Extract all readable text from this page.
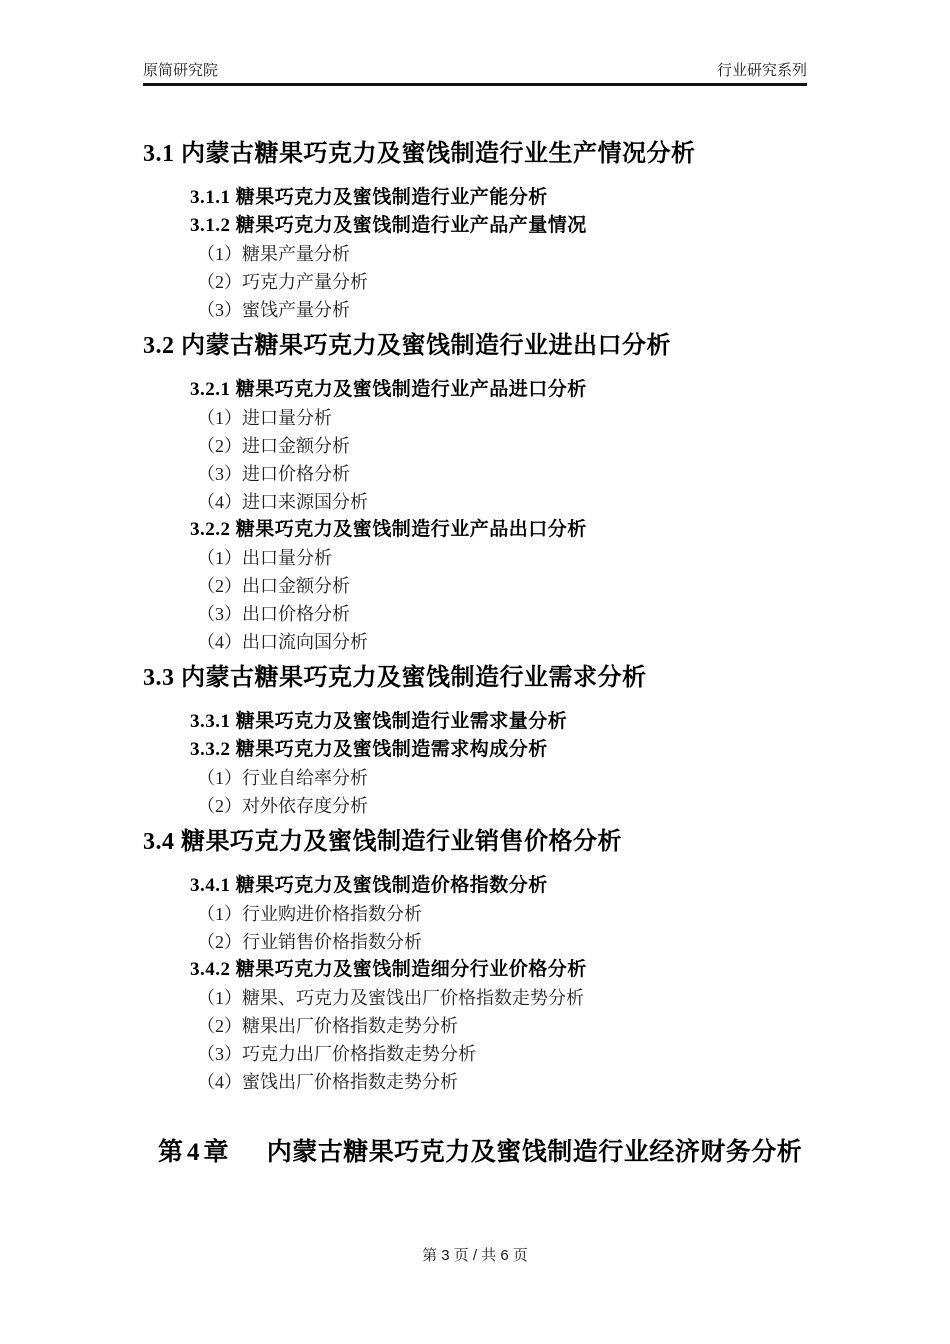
原简研究院	行业研究系列
3.1 内蒙古糖果巧克力及蜜饯制造行业生产情况分析
3.1.1 糖果巧克力及蜜饯制造行业产能分析
3.1.2 糖果巧克力及蜜饯制造行业产品产量情况
（1）糖果产量分析
（2）巧克力产量分析
（3）蜜饯产量分析
3.2 内蒙古糖果巧克力及蜜饯制造行业进出口分析
3.2.1 糖果巧克力及蜜饯制造行业产品进口分析
（1）进口量分析
（2）进口金额分析
（3）进口价格分析
（4）进口来源国分析
3.2.2 糖果巧克力及蜜饯制造行业产品出口分析
（1）出口量分析
（2）出口金额分析
（3）出口价格分析
（4）出口流向国分析
3.3 内蒙古糖果巧克力及蜜饯制造行业需求分析
3.3.1 糖果巧克力及蜜饯制造行业需求量分析
3.3.2 糖果巧克力及蜜饯制造需求构成分析
（1）行业自给率分析
（2）对外依存度分析
3.4 糖果巧克力及蜜饯制造行业销售价格分析
3.4.1 糖果巧克力及蜜饯制造价格指数分析
（1）行业购进价格指数分析
（2）行业销售价格指数分析
3.4.2 糖果巧克力及蜜饯制造细分行业价格分析
（1）糖果、巧克力及蜜饯出厂价格指数走势分析
（2）糖果出厂价格指数走势分析
（3）巧克力出厂价格指数走势分析
（4）蜜饯出厂价格指数走势分析
第4章 内蒙古糖果巧克力及蜜饯制造行业经济财务分析
第 3 页 / 共 6 页
